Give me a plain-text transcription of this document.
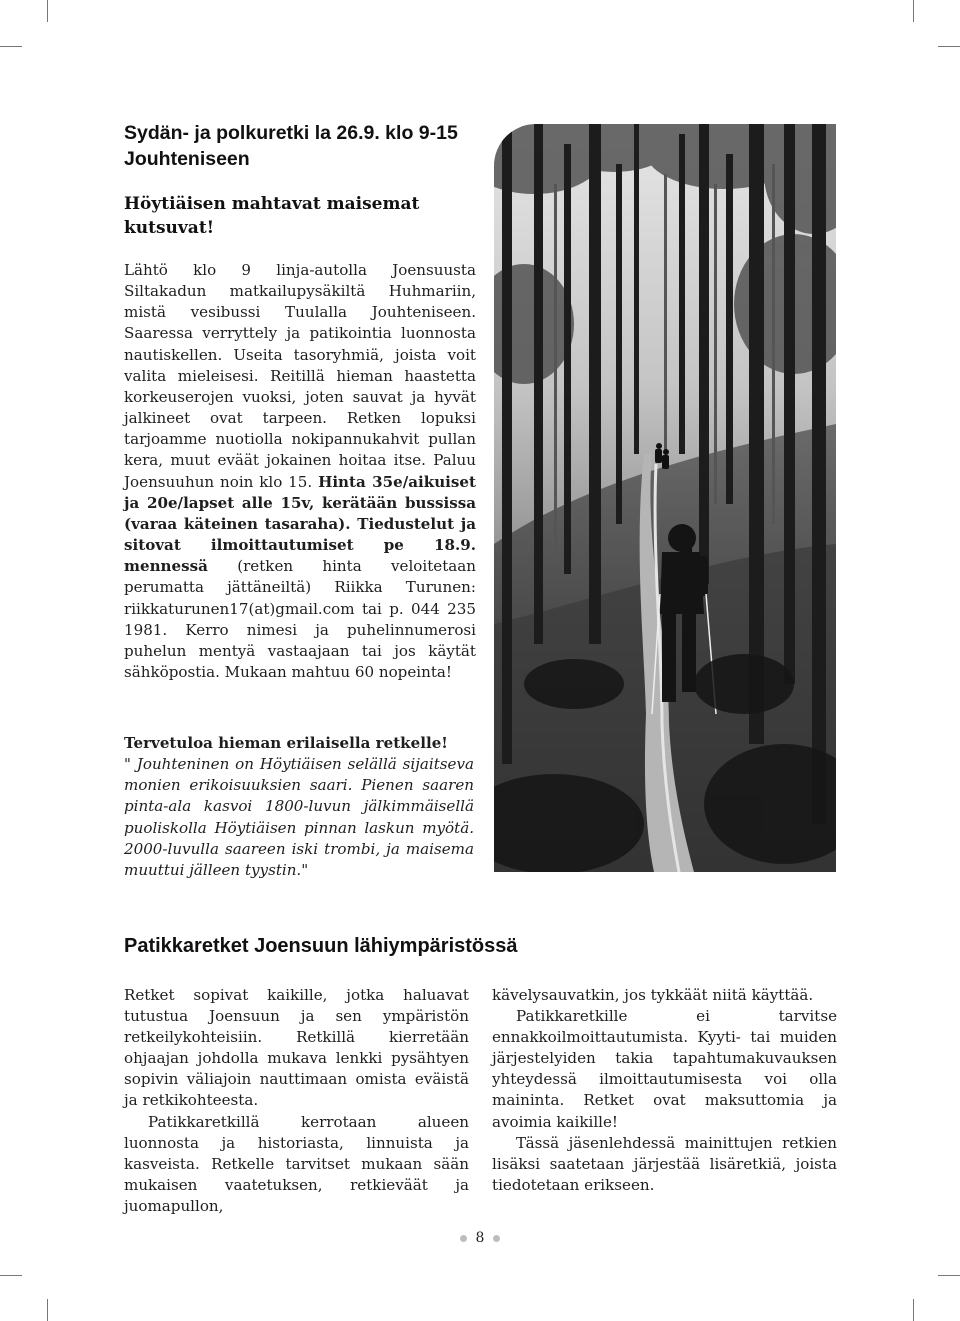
Sydän- ja polkuretki la 26.9. klo 9-15 Jouhteniseen
Höytiäisen mahtavat maisemat kutsuvat!

Lähtö klo 9 linja-autolla Joensuusta Siltakadun matkailupysäkiltä Huhmariin, mistä vesibussi Tuulalla Jouhteniseen. Saaressa verryttely ja patikointia luonnosta nautiskellen. Useita tasoryhmiä, joista voit valita mieleisesi. Reitillä hieman haastetta korkeuserojen vuoksi, joten sauvat ja hyvät jalkineet ovat tarpeen. Retken lopuksi tarjoamme nuotiolla nokipannukahvit pullan kera, muut eväät jokainen hoitaa itse. Paluu Joensuuhun noin klo 15. Hinta 35e/aikuiset ja 20e/lapset alle 15v, kerätään bussissa (varaa käteinen tasaraha). Tiedustelut ja sitovat ilmoittautumiset pe 18.9. mennessä (retken hinta veloitetaan perumatta jättäneiltä) Riikka Turunen: riikkaturunen17(at)gmail.com tai p. 044 235 1981. Kerro nimesi ja puhelinnumerosi puhelun mentyä vastaajaan tai jos käytät sähköpostia. Mukaan mahtuu 60 nopeinta!

Tervetuloa hieman erilaisella retkelle!

" Jouhteninen on Höytiäisen selällä sijaitseva monien erikoisuuksien saari. Pienen saaren pinta-ala kasvoi 1800-luvun jälkimmäisellä puoliskolla Höytiäisen pinnan laskun myötä. 2000-luvulla saareen iski trombi, ja maisema muuttui jälleen tyystin."

Patikkaretket Joensuun lähiympäristössä

Retket sopivat kaikille, jotka haluavat tutustua Joensuun ja sen ympäristön retkeilykohteisiin. Retkillä kierretään ohjaajan johdolla mukava lenkki pysähtyen sopivin väliajoin nauttimaan omista eväistä ja retkikohteesta.

Patikkaretkillä kerrotaan alueen luonnosta ja historiasta, linnuista ja kasveista. Retkelle tarvitset mukaan sään mukaisen vaatetuksen, retkieväät ja juomapullon,

kävelysauvatkin, jos tykkäät niitä käyttää.

Patikkaretkille ei tarvitse ennakkoilmoittautumista. Kyyti- tai muiden järjestelyiden takia tapahtumakuvauksen yhteydessä ilmoittautumisesta voi olla maininta. Retket ovat maksuttomia ja avoimia kaikille!

Tässä jäsenlehdessä mainittujen retkien lisäksi saatetaan järjestää lisäretkiä, joista tiedotetaan erikseen.

8
